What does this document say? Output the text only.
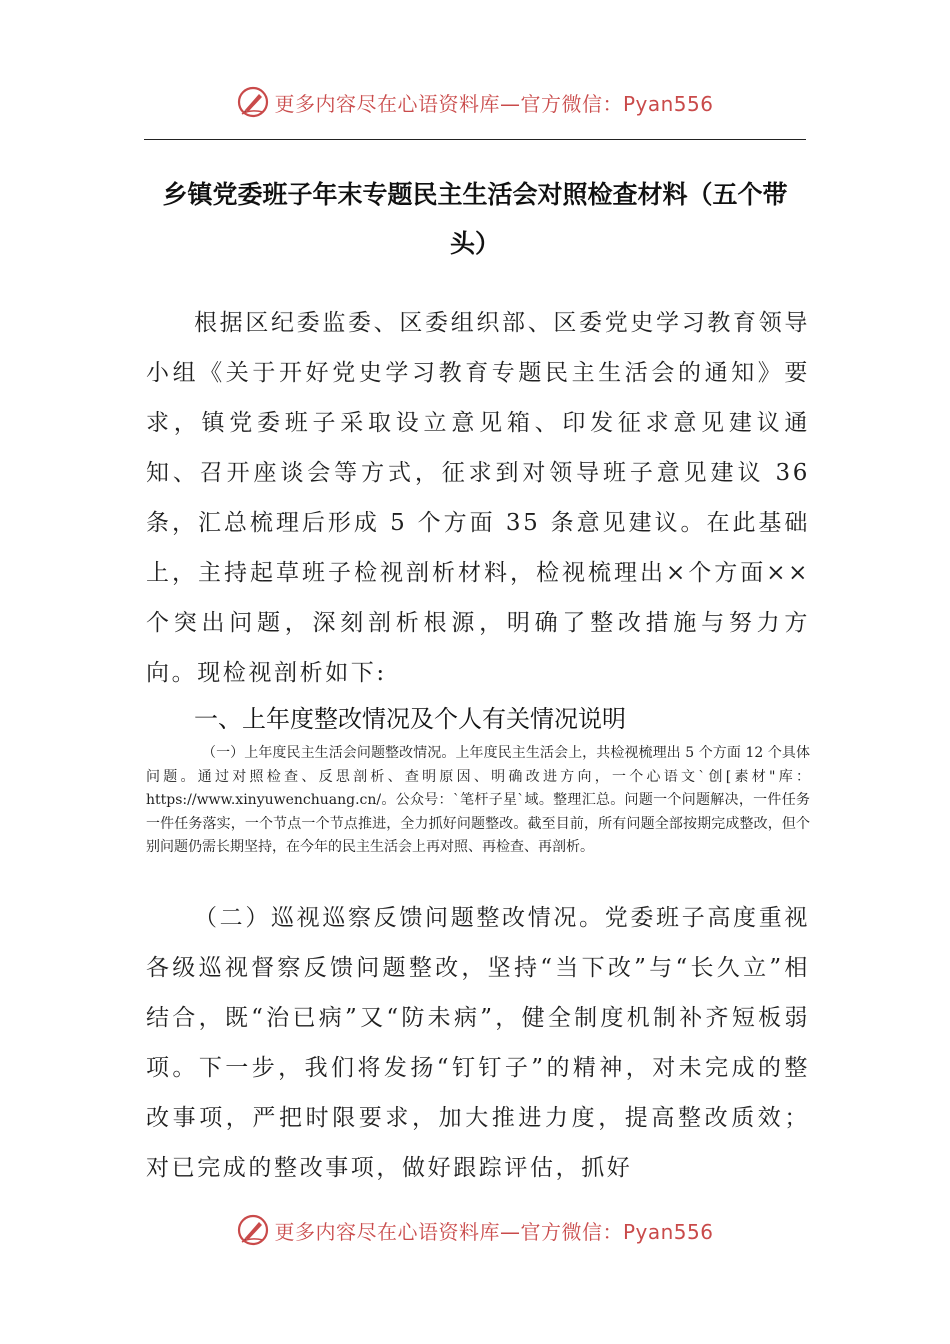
更多内容尽在心语资料库—官方微信：Pyan556
乡镇党委班子年末专题民主生活会对照检查材料（五个带头）

根据区纪委监委、区委组织部、区委党史学习教育领导小组《关于开好党史学习教育专题民主生活会的通知》要求，镇党委班子采取设立意见箱、印发征求意见建议通知、召开座谈会等方式，征求到对领导班子意见建议 36 条，汇总梳理后形成 5 个方面 35 条意见建议。在此基础上，主持起草班子检视剖析材料，检视梳理出×个方面××个突出问题，深刻剖析根源，明确了整改措施与努力方向。现检视剖析如下:

一、上年度整改情况及个人有关情况说明

（一）上年度民主生活会问题整改情况。上年度民主生活会上，共检视梳理出 5 个方面 12 个具体问题。通过对照检查、反思剖析、查明原因、明确改进方向，一个心语文`创[素材"库：https://www.xinyuwenchuang.cn/。公众号：`笔杆子星`域。整理汇总。问题一个问题解决，一件任务一件任务落实，一个节点一个节点推进，全力抓好问题整改。截至目前，所有问题全部按期完成整改，但个别问题仍需长期坚持，在今年的民主生活会上再对照、再检查、再剖析。

（二）巡视巡察反馈问题整改情况。党委班子高度重视各级巡视督察反馈问题整改，坚持“当下改”与“长久立”相结合，既“治已病”又“防未病”，健全制度机制补齐短板弱项。下一步，我们将发扬“钉钉子”的精神，对未完成的整改事项，严把时限要求，加大推进力度，提高整改质效；对已完成的整改事项，做好跟踪评估，抓好

更多内容尽在心语资料库—官方微信：Pyan556
